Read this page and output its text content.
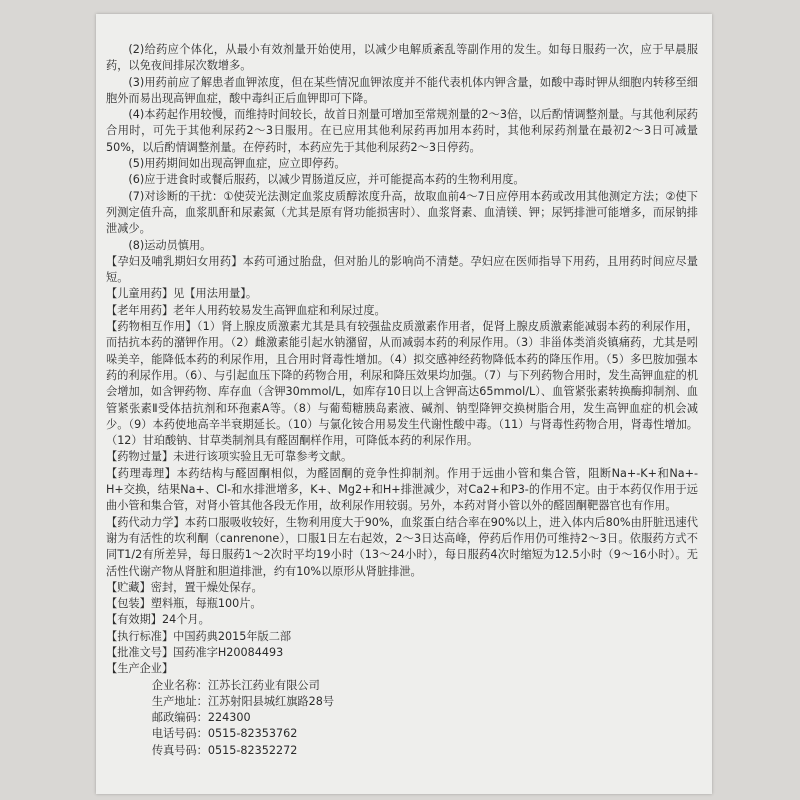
(2)给药应个体化，从最小有效剂量开始使用，以减少电解质紊乱等副作用的发生。如每日服药一次，应于早晨服药，以免夜间排尿次数增多。

(3)用药前应了解患者血钾浓度，但在某些情况血钾浓度并不能代表机体内钾含量，如酸中毒时钾从细胞内转移至细胞外而易出现高钾血症，酸中毒纠正后血钾即可下降。

(4)本药起作用较慢，而维持时间较长，故首日剂量可增加至常规剂量的2～3倍，以后酌情调整剂量。与其他利尿药合用时，可先于其他利尿药2～3日服用。在已应用其他利尿药再加用本药时，其他利尿药剂量在最初2～3日可减量50%，以后酌情调整剂量。在停药时，本药应先于其他利尿药2～3日停药。

(5)用药期间如出现高钾血症，应立即停药。

(6)应于进食时或餐后服药，以减少胃肠道反应，并可能提高本药的生物利用度。

(7)对诊断的干扰：①使荧光法测定血浆皮质醇浓度升高，故取血前4～7日应停用本药或改用其他测定方法；②使下列测定值升高，血浆肌酐和尿素氮（尤其是原有肾功能损害时）、血浆肾素、血清镁、钾；尿钙排泄可能增多，而尿钠排泄减少。

(8)运动员慎用。

【孕妇及哺乳期妇女用药】本药可通过胎盘，但对胎儿的影响尚不清楚。孕妇应在医师指导下用药，且用药时间应尽量短。

【儿童用药】见【用法用量】。

【老年用药】老年人用药较易发生高钾血症和利尿过度。

【药物相互作用】（1）肾上腺皮质激素尤其是具有较强盐皮质激素作用者，促肾上腺皮质激素能减弱本药的利尿作用，而拮抗本药的潴钾作用。（2）雌激素能引起水钠潴留，从而减弱本药的利尿作用。（3）非甾体类消炎镇痛药，尤其是吲哚美辛，能降低本药的利尿作用，且合用时肾毒性增加。（4）拟交感神经药物降低本药的降压作用。（5）多巴胺加强本药的利尿作用。（6）、与引起血压下降的药物合用，利尿和降压效果均加强。（7）与下列药物合用时，发生高钾血症的机会增加，如含钾药物、库存血（含钾30mmol/L，如库存10日以上含钾高达65mmol/L）、血管紧张素转换酶抑制剂、血管紧张素Ⅱ受体拮抗剂和环孢素A等。（8）与葡萄糖胰岛素液、碱剂、钠型降钾交换树脂合用，发生高钾血症的机会减少。（9）本药使地高辛半衰期延长。（10）与氯化铵合用易发生代谢性酸中毒。（11）与肾毒性药物合用，肾毒性增加。（12）甘珀酸钠、甘草类制剂具有醛固酮样作用，可降低本药的利尿作用。

【药物过量】未进行该项实验且无可靠参考文献。

【药理毒理】本药结构与醛固酮相似，为醛固酮的竞争性抑制剂。作用于远曲小管和集合管，阻断Na+-K+和Na+-H+交换，结果Na+、Cl-和水排泄增多，K+、Mg2+和H+排泄减少，对Ca2+和P3-的作用不定。由于本药仅作用于远曲小管和集合管，对肾小管其他各段无作用，故利尿作用较弱。另外，本药对肾小管以外的醛固酮靶器官也有作用。

【药代动力学】本药口服吸收较好，生物利用度大于90%，血浆蛋白结合率在90%以上，进入体内后80%由肝脏迅速代谢为有活性的坎利酮（canrenone），口服1日左右起效，2～3日达高峰，停药后作用仍可维持2～3日。依服药方式不同T1/2有所差异，每日服药1～2次时平均19小时（13～24小时），每日服药4次时缩短为12.5小时（9～16小时）。无活性代谢产物从肾脏和胆道排泄，约有10%以原形从肾脏排泄。

【贮藏】密封，置干燥处保存。

【包装】塑料瓶，每瓶100片。

【有效期】24个月。

【执行标准】中国药典2015年版二部

【批准文号】国药准字H20084493

【生产企业】

企业名称：江苏长江药业有限公司

生产地址：江苏射阳县城红旗路28号

邮政编码：224300

电话号码：0515-82353762

传真号码：0515-82352272
